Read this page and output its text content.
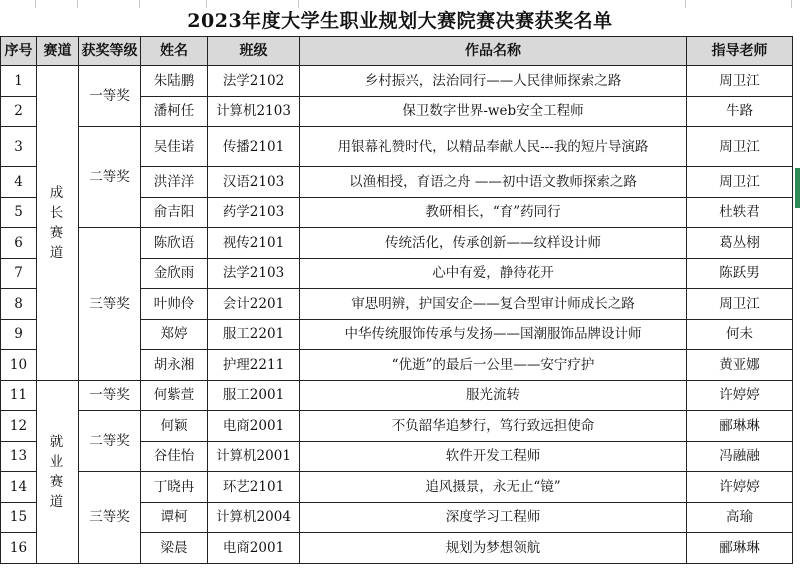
2023年度大学生职业规划大赛院赛决赛获奖名单
序号	赛道	获奖等级	姓名	班级	作品名称	指导老师
1	成长赛道	一等奖	朱陆鹏	法学2102	乡村振兴，法治同行——人民律师探索之路	周卫江
2			潘柯任	计算机2103	保卫数字世界-web安全工程师	牛路
3		二等奖	吴佳诺	传播2101	用银幕礼赞时代，以精品奉献人民---我的短片导演路	周卫江
4			洪洋洋	汉语2103	以渔相授，育语之舟 ——初中语文教师探索之路	周卫江
5			俞吉阳	药学2103	教研相长，“育”药同行	杜轶君
6		三等奖	陈欣语	视传2101	传统活化，传承创新——纹样设计师	葛丛栩
7			金欣雨	法学2103	心中有爱，静待花开	陈跃男
8			叶帅伶	会计2201	审思明辨，护国安企——复合型审计师成长之路	周卫江
9			郑婷	服工2201	中华传统服饰传承与发扬——国潮服饰品牌设计师	何未
10			胡永湘	护理2211	“优逝”的最后一公里——安宁疗护	黄亚娜
11	就业赛道	一等奖	何紫萱	服工2001	服光流转	许婷婷
12		二等奖	何颖	电商2001	不负韶华追梦行，笃行致远担使命	郦琳琳
13			谷佳怡	计算机2001	软件开发工程师	冯融融
14		三等奖	丁晓冉	环艺2101	追风摄景，永无止“镜”	许婷婷
15			谭柯	计算机2004	深度学习工程师	高瑜
16			梁晨	电商2001	规划为梦想领航	郦琳琳
